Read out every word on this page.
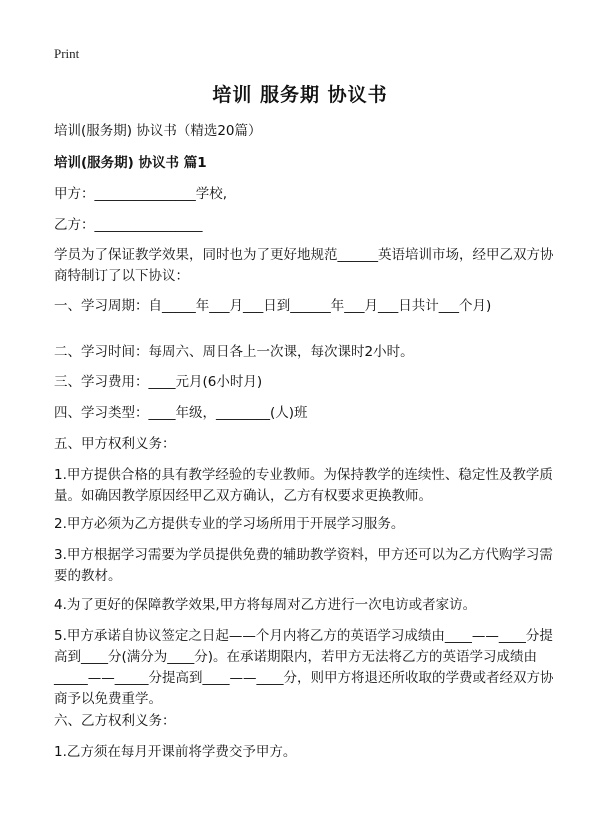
Print
培训 服务期 协议书

培训(服务期) 协议书（精选20篇）

培训(服务期) 协议书 篇1

甲方：_______________学校,

乙方：________________

学员为了保证教学效果，同时也为了更好地规范______英语培训市场，经甲乙双方协商特制订了以下协议：

一、学习周期：自_____年___月___日到______年___月___日共计___个月)

二、学习时间：每周六、周日各上一次课，每次课时2小时。

三、学习费用：____元月(6小时月)

四、学习类型：____年级，________(人)班

五、甲方权利义务：

1.甲方提供合格的具有教学经验的专业教师。为保持教学的连续性、稳定性及教学质量。如确因教学原因经甲乙双方确认，乙方有权要求更换教师。

2.甲方必须为乙方提供专业的学习场所用于开展学习服务。

3.甲方根据学习需要为学员提供免费的辅助教学资料，甲方还可以为乙方代购学习需要的教材。

4.为了更好的保障教学效果,甲方将每周对乙方进行一次电访或者家访。

5.甲方承诺自协议签定之日起——个月内将乙方的英语学习成绩由____——____分提高到____分(满分为____分)。在承诺期限内，若甲方无法将乙方的英语学习成绩由_____——_____分提高到____——____分，则甲方将退还所收取的学费或者经双方协商予以免费重学。

六、乙方权利义务：

1.乙方须在每月开课前将学费交予甲方。
